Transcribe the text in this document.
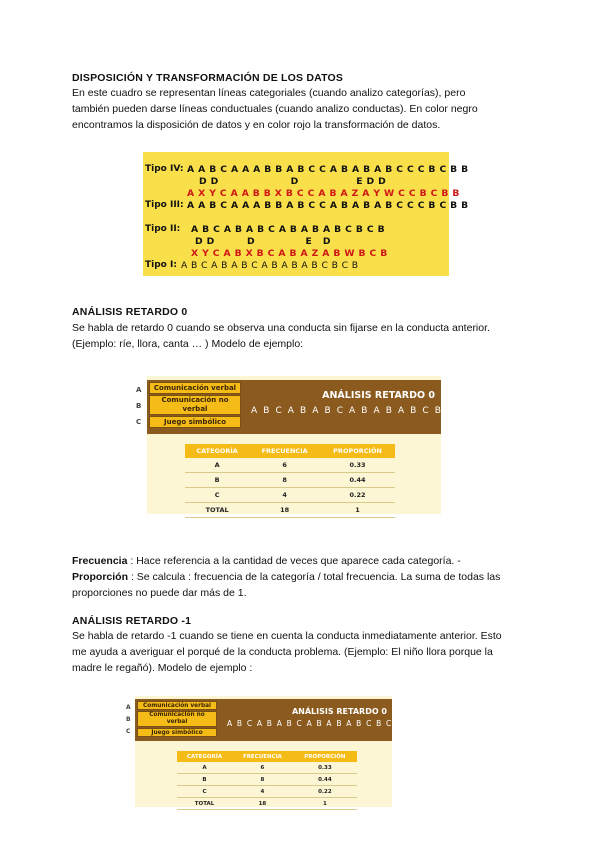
DISPOSICIÓN Y TRANSFORMACIÓN DE LOS DATOS
En este cuadro se representan líneas categoriales (cuando analizo categorías), pero
también pueden darse líneas conductuales (cuando analizo conductas). En color negro
encontramos la disposición de datos y en color rojo la transformación de datos.
Tipo IV: A A B C A A A B B A B C C A B A B A B C C C B C B B
D D                    D                E D D
A X Y C A A B B X B C C A B A Z A Y W C C B C B B
Tipo III: A A B C A A A B B A B C C A B A B A B C C C B C B B
Tipo II: A B C A B A B C A B A B A B C B C B
D D         D              E   D
X Y C A B X B C A B A Z A B W B C B
Tipo I: A B C A B A B C A B A B A B C B C B
ANÁLISIS RETARDO 0
Se habla de retardo 0 cuando se observa una conducta sin fijarse en la conducta anterior.
(Ejemplo: ríe, llora, canta … ) Modelo de ejemplo:
A
B
C
ANÁLISIS RETARDO 0
A B C A B A B C A B A B A B C B C B
Comunicación verbal
Comunicación no verbal
Juego simbólico
CATEGORÍA	FRECUENCIA	PROPORCIÓN
A	6	0.33
B	8	0.44
C	4	0.22
TOTAL	18	1
Frecuencia : Hace referencia a la cantidad de veces que aparece cada categoría. -
Proporción : Se calcula : frecuencia de la categoría / total frecuencia. La suma de todas las
proporciones no puede dar más de 1.
ANÁLISIS RETARDO -1
Se habla de retardo -1 cuando se tiene en cuenta la conducta inmediatamente anterior. Esto
me ayuda a averiguar el porqué de la conducta problema. (Ejemplo: El niño llora porque la
madre le regañó). Modelo de ejemplo :
A
B
C
ANÁLISIS RETARDO 0
A B C A B A B C A B A B A B C B C B
Comunicación verbal
Comunicación no verbal
Juego simbólico
CATEGORÍA	FRECUENCIA	PROPORCIÓN
A	6	0.33
B	8	0.44
C	4	0.22
TOTAL	18	1
